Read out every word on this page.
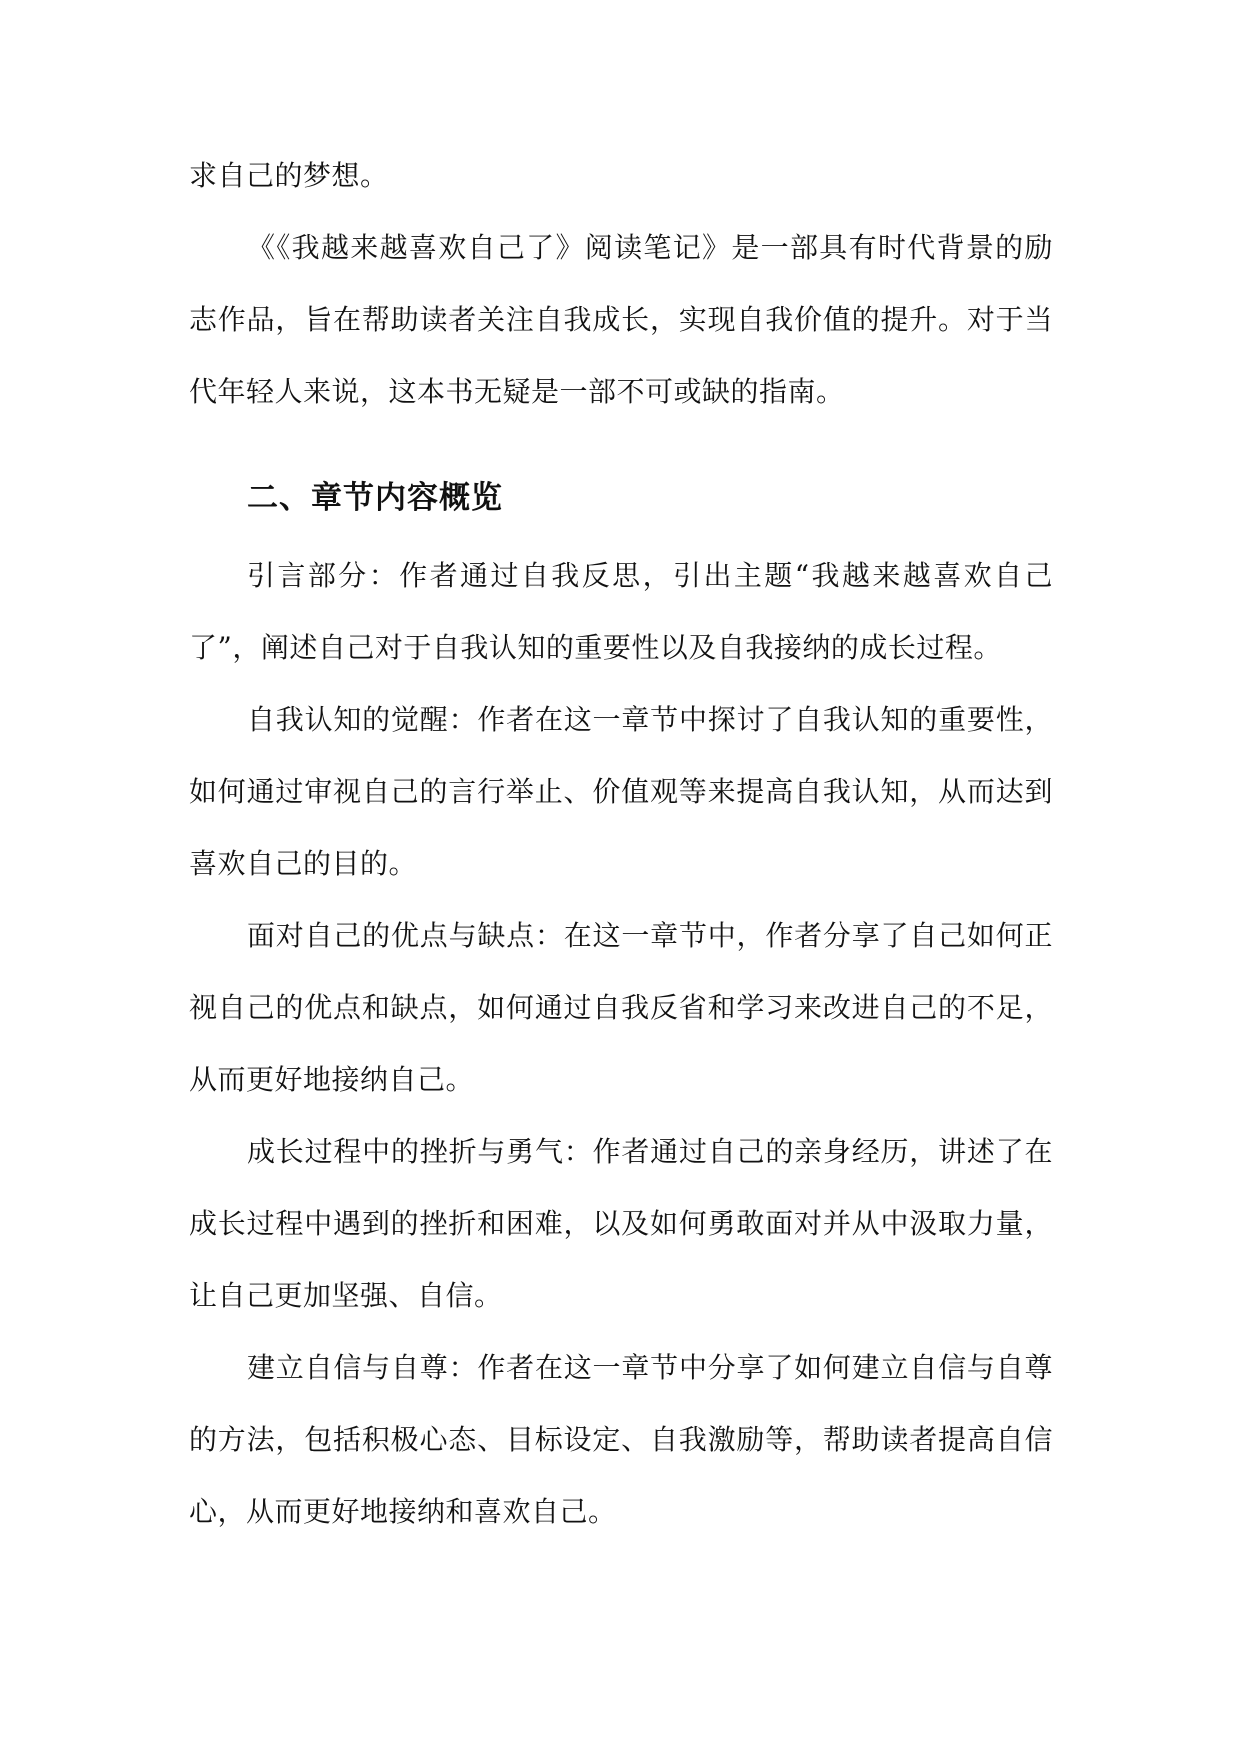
求自己的梦想。

《《我越来越喜欢自己了》阅读笔记》是一部具有时代背景的励志作品，旨在帮助读者关注自我成长，实现自我价值的提升。对于当代年轻人来说，这本书无疑是一部不可或缺的指南。

二、章节内容概览

引言部分：作者通过自我反思，引出主题“我越来越喜欢自己了”，阐述自己对于自我认知的重要性以及自我接纳的成长过程。

自我认知的觉醒：作者在这一章节中探讨了自我认知的重要性，如何通过审视自己的言行举止、价值观等来提高自我认知，从而达到喜欢自己的目的。

面对自己的优点与缺点：在这一章节中，作者分享了自己如何正视自己的优点和缺点，如何通过自我反省和学习来改进自己的不足，从而更好地接纳自己。

成长过程中的挫折与勇气：作者通过自己的亲身经历，讲述了在成长过程中遇到的挫折和困难，以及如何勇敢面对并从中汲取力量，让自己更加坚强、自信。

建立自信与自尊：作者在这一章节中分享了如何建立自信与自尊的方法，包括积极心态、目标设定、自我激励等，帮助读者提高自信心，从而更好地接纳和喜欢自己。
